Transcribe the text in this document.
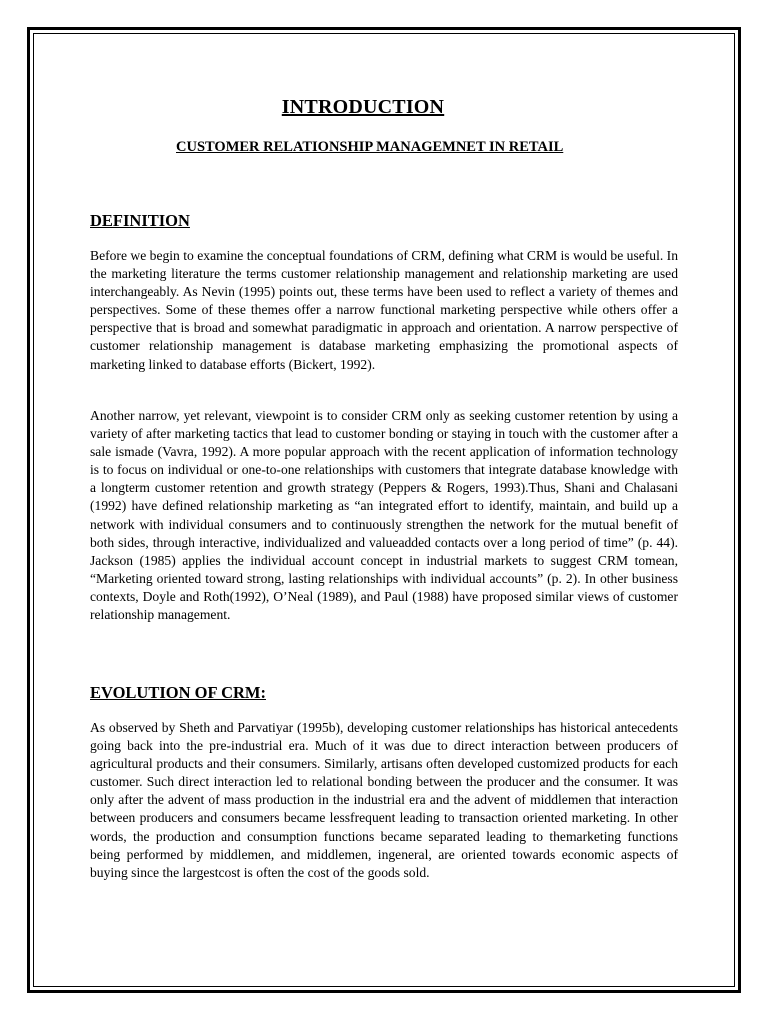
INTRODUCTION
CUSTOMER RELATIONSHIP MANAGEMNET IN RETAIL
DEFINITION

Before we begin to examine the conceptual foundations of CRM, defining what CRM is would be useful. In the marketing literature the terms customer relationship management and relationship marketing are used interchangeably. As Nevin (1995) points out, these terms have been used to reflect a variety of themes and perspectives. Some of these themes offer a narrow functional marketing perspective while others offer a perspective that is broad and somewhat paradigmatic in approach and orientation. A narrow perspective of customer relationship management is database marketing emphasizing the promotional aspects of marketing linked to database efforts (Bickert, 1992).

Another narrow, yet relevant, viewpoint is to consider CRM only as seeking customer retention by using a variety of after marketing tactics that lead to customer bonding or staying in touch with the customer after a sale ismade (Vavra, 1992). A more popular approach with the recent application of information technology is to focus on individual or one-to-one relationships with customers that integrate database knowledge with a longterm customer retention and growth strategy (Peppers & Rogers, 1993).Thus, Shani and Chalasani (1992) have defined relationship marketing as “an integrated effort to identify, maintain, and build up a network with individual consumers and to continuously strengthen the network for the mutual benefit of both sides, through interactive, individualized and valueadded contacts over a long period of time” (p. 44). Jackson (1985) applies the individual account concept in industrial markets to suggest CRM tomean, “Marketing oriented toward strong, lasting relationships with individual accounts” (p. 2). In other business contexts, Doyle and Roth(1992), O’Neal (1989), and Paul (1988) have proposed similar views of customer relationship management.

EVOLUTION OF CRM:

As observed by Sheth and Parvatiyar (1995b), developing customer relationships has historical antecedents going back into the pre-industrial era. Much of it was due to direct interaction between producers of agricultural products and their consumers. Similarly, artisans often developed customized products for each customer. Such direct interaction led to relational bonding between the producer and the consumer. It was only after the advent of mass production in the industrial era and the advent of middlemen that interaction between producers and consumers became lessfrequent leading to transaction oriented marketing. In other words, the production and consumption functions became separated leading to themarketing functions being performed by middlemen, and middlemen, ingeneral, are oriented towards economic aspects of buying since the largestcost is often the cost of the goods sold.
